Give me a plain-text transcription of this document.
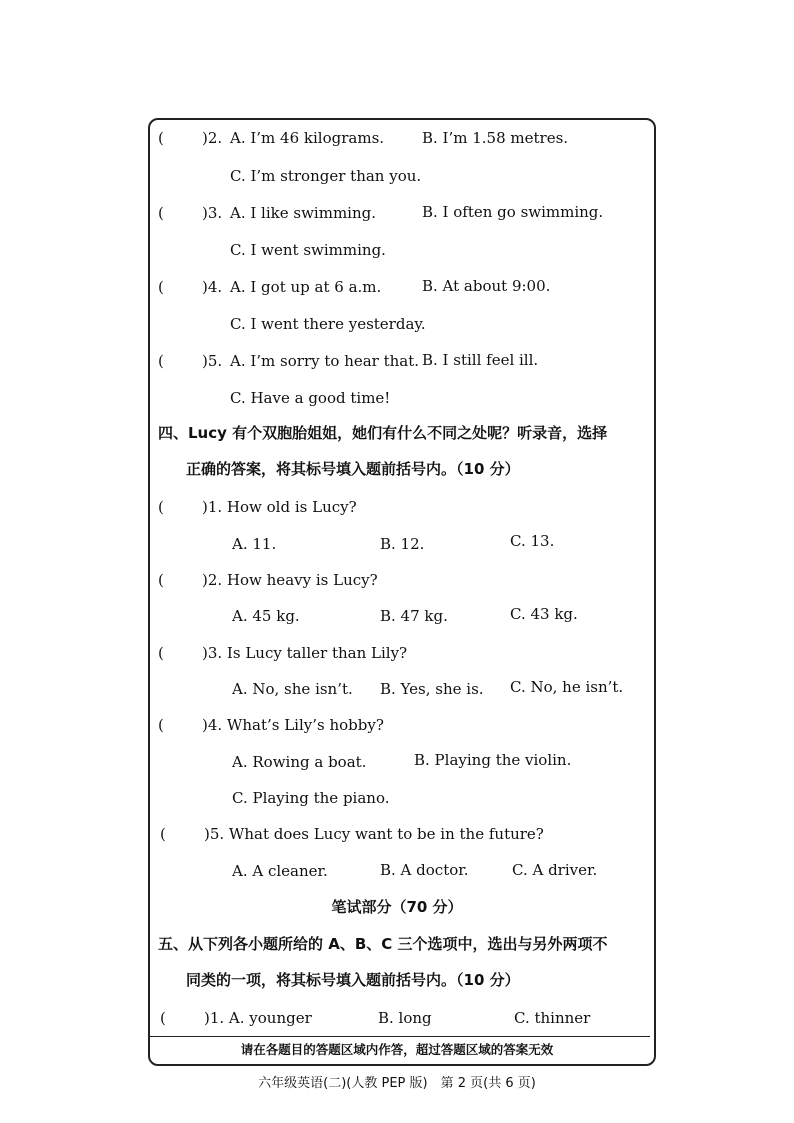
(	)2. A. I’m 46 kilograms.	B. I’m 1.58 metres.
C. I’m stronger than you.
(	)3. A. I like swimming.	B. I often go swimming.
C. I went swimming.
(	)4. A. I got up at 6 a.m.	B. At about 9:00.
C. I went there yesterday.
(	)5. A. I’m sorry to hear that. B. I still feel ill.
C. Have a good time!
四、Lucy 有个双胞胎姐姐，她们有什么不同之处呢？听录音，选择
正确的答案，将其标号填入题前括号内。（10 分）
(	)1. How old is Lucy?
A. 11.	B. 12.	C. 13.
(	)2. How heavy is Lucy?
A. 45 kg.	B. 47 kg.	C. 43 kg.
(	)3. Is Lucy taller than Lily?
A. No, she isn’t. B. Yes, she is. C. No, he isn’t.
(	)4. What’s Lily’s hobby?
A. Rowing a boat.	B. Playing the violin.
C. Playing the piano.
(	)5. What does Lucy want to be in the future?
A. A cleaner.	B. A doctor.	C. A driver.
笔试部分（70 分）
五、从下列各小题所给的 A、B、C 三个选项中，选出与另外两项不
同类的一项，将其标号填入题前括号内。（10 分）
(	)1. A. younger	B. long	C. thinner
请在各题目的答题区域内作答，超过答题区域的答案无效
六年级英语(二)(人教 PEP 版)　第 2 页(共 6 页)
